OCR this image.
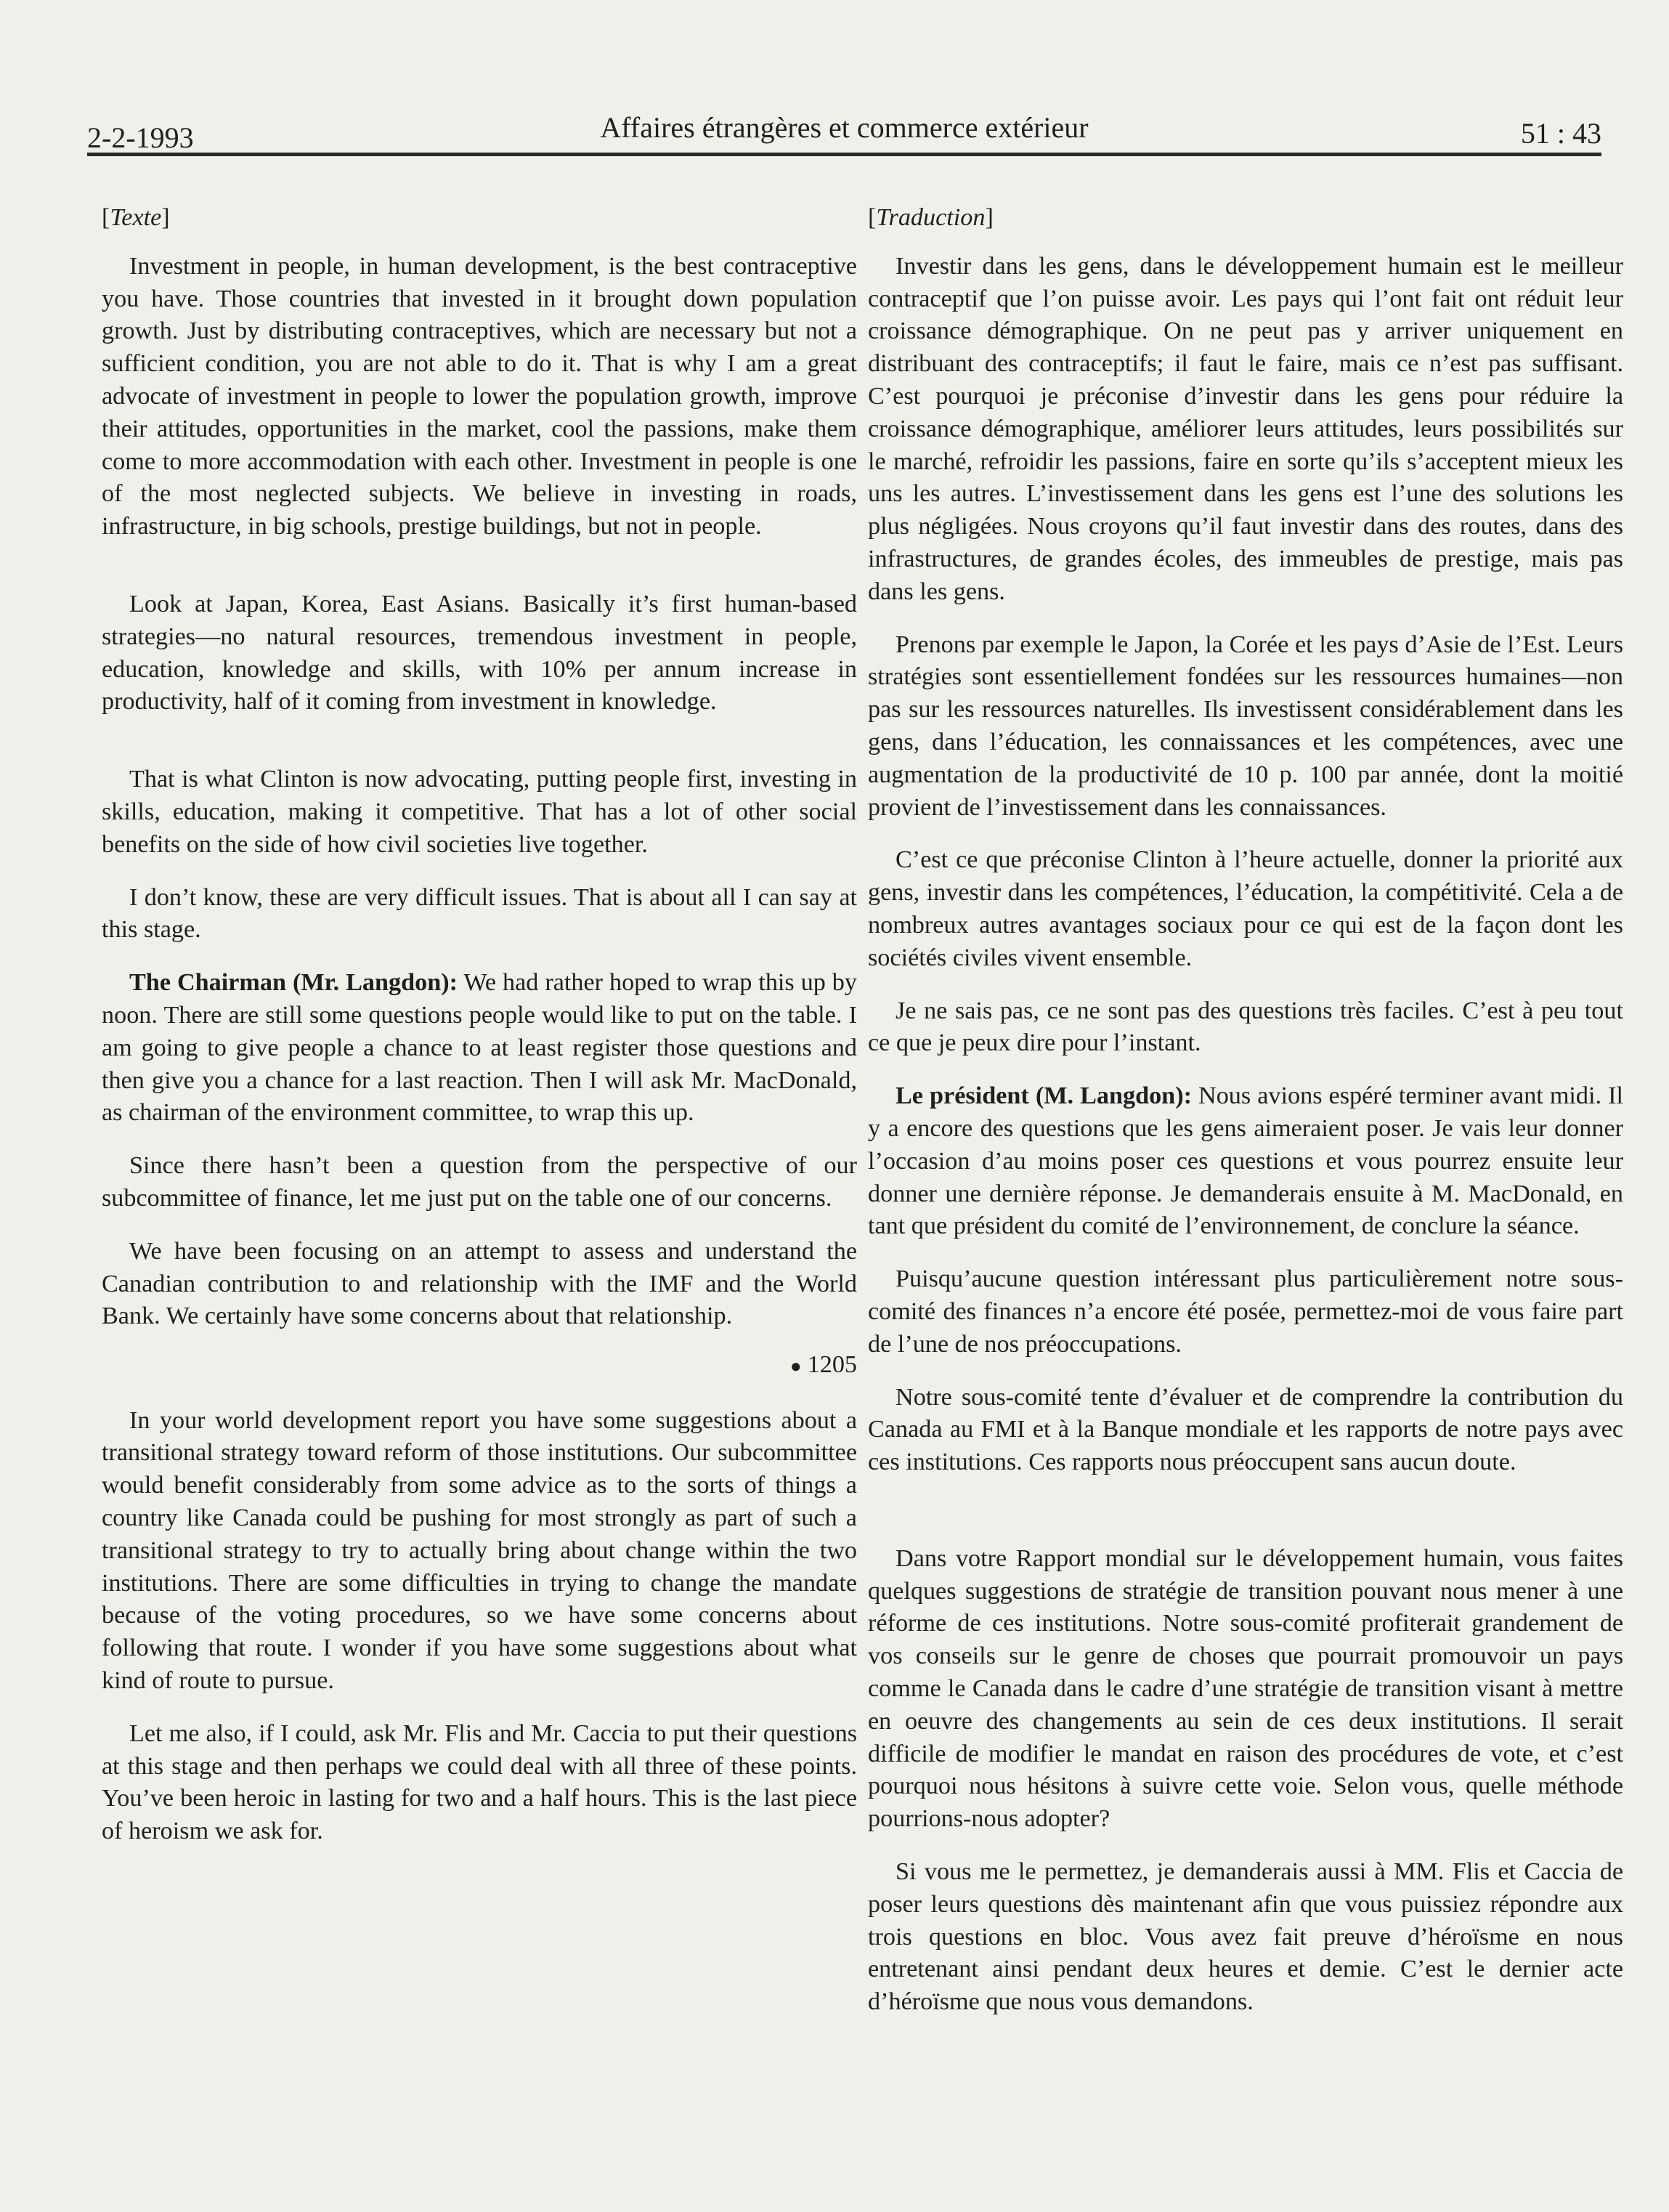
2-2-1993	Affaires étrangères et commerce extérieur	51 : 43

[Texte]

Investment in people, in human development, is the best contraceptive you have. Those countries that invested in it brought down population growth. Just by distributing contraceptives, which are necessary but not a sufficient condition, you are not able to do it. That is why I am a great advocate of investment in people to lower the population growth, improve their attitudes, opportunities in the market, cool the passions, make them come to more accommodation with each other. Investment in people is one of the most neglected subjects. We believe in investing in roads, infrastructure, in big schools, prestige buildings, but not in people.

Look at Japan, Korea, East Asians. Basically it’s first human-based strategies—no natural resources, tremendous investment in people, education, knowledge and skills, with 10% per annum increase in productivity, half of it coming from investment in knowledge.

That is what Clinton is now advocating, putting people first, investing in skills, education, making it competitive. That has a lot of other social benefits on the side of how civil societies live together.

I don’t know, these are very difficult issues. That is about all I can say at this stage.

The Chairman (Mr. Langdon): We had rather hoped to wrap this up by noon. There are still some questions people would like to put on the table. I am going to give people a chance to at least register those questions and then give you a chance for a last reaction. Then I will ask Mr. MacDonald, as chairman of the environment committee, to wrap this up.

Since there hasn’t been a question from the perspective of our subcommittee of finance, let me just put on the table one of our concerns.

We have been focusing on an attempt to assess and understand the Canadian contribution to and relationship with the IMF and the World Bank. We certainly have some concerns about that relationship.

● 1205

In your world development report you have some suggestions about a transitional strategy toward reform of those institutions. Our subcommittee would benefit considerably from some advice as to the sorts of things a country like Canada could be pushing for most strongly as part of such a transitional strategy to try to actually bring about change within the two institutions. There are some difficulties in trying to change the mandate because of the voting procedures, so we have some concerns about following that route. I wonder if you have some suggestions about what kind of route to pursue.

Let me also, if I could, ask Mr. Flis and Mr. Caccia to put their questions at this stage and then perhaps we could deal with all three of these points. You’ve been heroic in lasting for two and a half hours. This is the last piece of heroism we ask for.

[Traduction]

Investir dans les gens, dans le développement humain est le meilleur contraceptif que l’on puisse avoir. Les pays qui l’ont fait ont réduit leur croissance démographique. On ne peut pas y arriver uniquement en distribuant des contraceptifs; il faut le faire, mais ce n’est pas suffisant. C’est pourquoi je préconise d’investir dans les gens pour réduire la croissance démographique, améliorer leurs attitudes, leurs possibilités sur le marché, refroidir les passions, faire en sorte qu’ils s’acceptent mieux les uns les autres. L’investissement dans les gens est l’une des solutions les plus négligées. Nous croyons qu’il faut investir dans des routes, dans des infrastructures, de grandes écoles, des immeubles de prestige, mais pas dans les gens.

Prenons par exemple le Japon, la Corée et les pays d’Asie de l’Est. Leurs stratégies sont essentiellement fondées sur les ressources humaines—non pas sur les ressources naturelles. Ils investissent considérablement dans les gens, dans l’éducation, les connaissances et les compétences, avec une augmentation de la productivité de 10 p. 100 par année, dont la moitié provient de l’investissement dans les connaissances.

C’est ce que préconise Clinton à l’heure actuelle, donner la priorité aux gens, investir dans les compétences, l’éducation, la compétitivité. Cela a de nombreux autres avantages sociaux pour ce qui est de la façon dont les sociétés civiles vivent ensemble.

Je ne sais pas, ce ne sont pas des questions très faciles. C’est à peu tout ce que je peux dire pour l’instant.

Le président (M. Langdon): Nous avions espéré terminer avant midi. Il y a encore des questions que les gens aimeraient poser. Je vais leur donner l’occasion d’au moins poser ces questions et vous pourrez ensuite leur donner une dernière réponse. Je demanderais ensuite à M. MacDonald, en tant que président du comité de l’environnement, de conclure la séance.

Puisqu’aucune question intéressant plus particulièrement notre sous-comité des finances n’a encore été posée, permettez-moi de vous faire part de l’une de nos préoccupations.

Notre sous-comité tente d’évaluer et de comprendre la contribution du Canada au FMI et à la Banque mondiale et les rapports de notre pays avec ces institutions. Ces rapports nous préoccupent sans aucun doute.

Dans votre Rapport mondial sur le développement humain, vous faites quelques suggestions de stratégie de transition pouvant nous mener à une réforme de ces institutions. Notre sous-comité profiterait grandement de vos conseils sur le genre de choses que pourrait promouvoir un pays comme le Canada dans le cadre d’une stratégie de transition visant à mettre en oeuvre des changements au sein de ces deux institutions. Il serait difficile de modifier le mandat en raison des procédures de vote, et c’est pourquoi nous hésitons à suivre cette voie. Selon vous, quelle méthode pourrions-nous adopter?

Si vous me le permettez, je demanderais aussi à MM. Flis et Caccia de poser leurs questions dès maintenant afin que vous puissiez répondre aux trois questions en bloc. Vous avez fait preuve d’héroïsme en nous entretenant ainsi pendant deux heures et demie. C’est le dernier acte d’héroïsme que nous vous demandons.
